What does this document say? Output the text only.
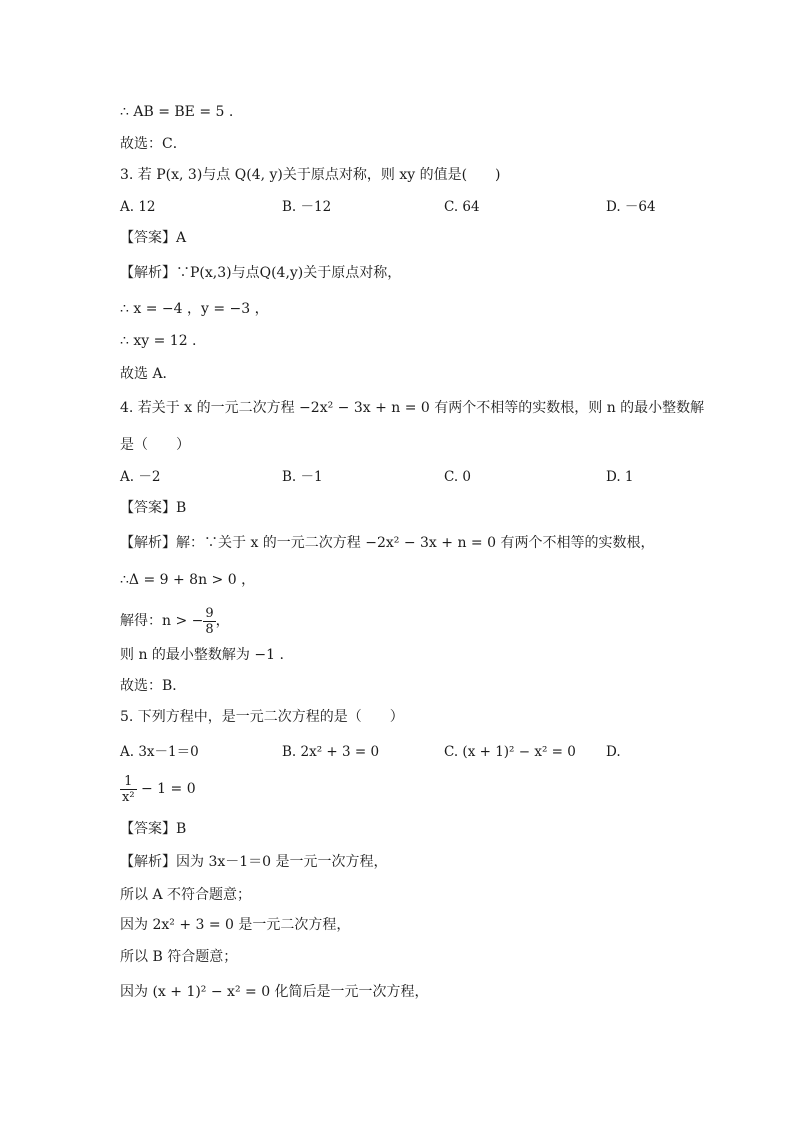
∴ AB = BE = 5 .
故选：C．
3. 若 P(x, 3)与点 Q(4, y)关于原点对称，则 xy 的值是(　　)
A. 12	B. －12	C. 64	D. －64
【答案】A
【解析】∵P(x,3)与点Q(4,y)关于原点对称，
∴ x = −4 ，y = −3 ，
∴ xy = 12 .
故选 A．
4. 若关于 x 的一元二次方程 −2x² − 3x + n = 0 有两个不相等的实数根，则 n 的最小整数解
是（　　）
A. －2	B. －1	C. 0	D. 1
【答案】B
【解析】解：∵关于 x 的一元二次方程 −2x² − 3x + n = 0 有两个不相等的实数根，
∴Δ = 9 + 8n > 0 ，
解得：n > − $\frac{9}{8}$ ，
则 n 的最小整数解为 −1 .
故选：B．
5. 下列方程中，是一元二次方程的是（　　）
A. 3x－1＝0	B. 2x² + 3 = 0	C. (x + 1)² − x² = 0 D.
$\frac{1}{\text{x²}} - 1 = 0$
【答案】B
【解析】因为 3x－1＝0 是一元一次方程，
所以 A 不符合题意；
因为 2x² + 3 = 0 是一元二次方程，
所以 B 符合题意；
因为 (x + 1)² − x² = 0 化简后是一元一次方程，
